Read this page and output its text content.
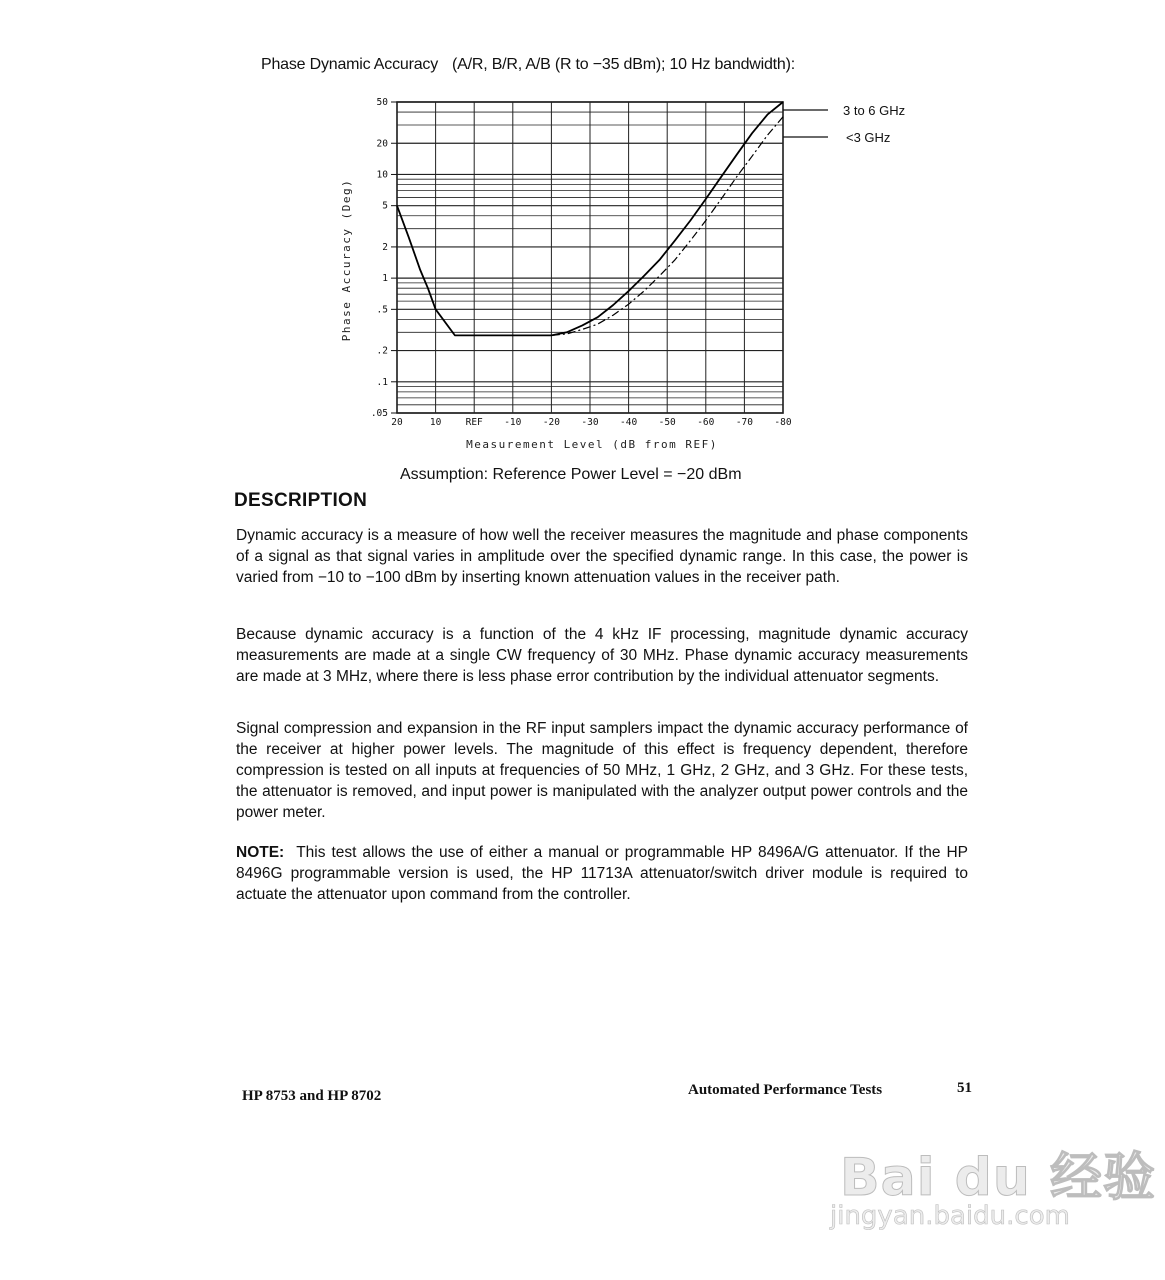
Phase Dynamic Accuracy (A/R, B/R, A/B (R to −35 dBm); 10 Hz bandwidth):
20	10	REF -10 -20 -30 -40 -50 -60 -70 -80
50
20
10
5
2
1
.5
.2
.1
.05
3 to 6 GHz
<3 GHz
Phase Accuracy (Deg)
Measurement Level (dB from REF)
Assumption: Reference Power Level = −20 dBm
DESCRIPTION

Dynamic accuracy is a measure of how well the receiver measures the magnitude and phase components of a signal as that signal varies in amplitude over the specified dynamic range. In this case, the power is varied from −10 to −100 dBm by inserting known attenuation values in the receiver path.

Because dynamic accuracy is a function of the 4 kHz IF processing, magnitude dynamic accuracy measurements are made at a single CW frequency of 30 MHz. Phase dynamic accuracy measurements are made at 3 MHz, where there is less phase error contribution by the individual attenuator segments.

Signal compression and expansion in the RF input samplers impact the dynamic accuracy performance of the receiver at higher power levels. The magnitude of this effect is frequency dependent, therefore compression is tested on all inputs at frequencies of 50 MHz, 1 GHz, 2 GHz, and 3 GHz. For these tests, the attenuator is removed, and input power is manipulated with the analyzer output power controls and the power meter.

NOTE: This test allows the use of either a manual or programmable HP 8496A/G attenuator. If the HP 8496G programmable version is used, the HP 11713A attenuator/switch driver module is required to actuate the attenuator upon command from the controller.

HP 8753 and HP 8702	Automated Performance Tests	51
Bai du 经验
jingyan.baidu.com
